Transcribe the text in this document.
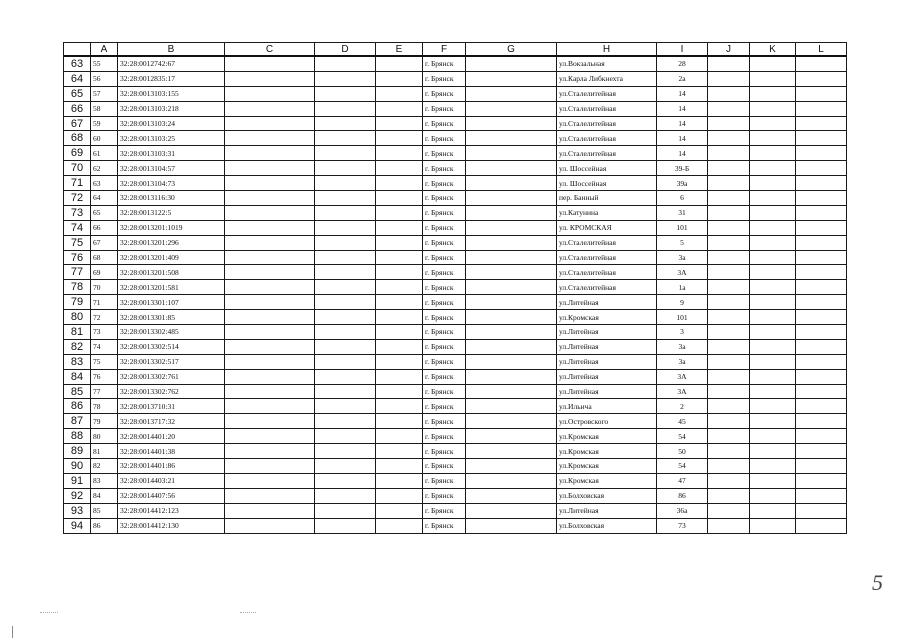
	A	B	C	D	E	F	G	H	I	J	K	L
63	55	32:28:0012742:67				г. Брянск		ул.Вокзальная	28			
64	56	32:28:0012835:17				г. Брянск		ул.Карла Либкнехта	2а			
65	57	32:28:0013103:155				г. Брянск		ул.Сталелитейная	14			
66	58	32:28:0013103:218				г. Брянск		ул.Сталелитейная	14			
67	59	32:28:0013103:24				г. Брянск		ул.Сталелитейная	14			
68	60	32:28:0013103:25				г. Брянск		ул.Сталелитейная	14			
69	61	32:28:0013103:31				г. Брянск		ул.Сталелитейная	14			
70	62	32:28:0013104:57				г. Брянск		ул. Шоссейная	39-Б			
71	63	32:28:0013104:73				г. Брянск		ул. Шоссейная	39а			
72	64	32:28:0013116:30				г. Брянск		пер. Банный	6			
73	65	32:28:0013122:5				г. Брянск		ул.Катунина	31			
74	66	32:28:0013201:1019				г. Брянск		ул. КРОМСКАЯ	101			
75	67	32:28:0013201:296				г. Брянск		ул.Сталелитейная	5			
76	68	32:28:0013201:409				г. Брянск		ул.Сталелитейная	3а			
77	69	32:28:0013201:508				г. Брянск		ул.Сталелитейная	3А			
78	70	32:28:0013201:581				г. Брянск		ул.Сталелитейная	1а			
79	71	32:28:0013301:107				г. Брянск		ул.Литейная	9			
80	72	32:28:0013301:85				г. Брянск		ул.Кромская	101			
81	73	32:28:0013302:485				г. Брянск		ул.Литейная	3			
82	74	32:28:0013302:514				г. Брянск		ул.Литейная	3а			
83	75	32:28:0013302:517				г. Брянск		ул.Литейная	3а			
84	76	32:28:0013302:761				г. Брянск		ул.Литейная	3А			
85	77	32:28:0013302:762				г. Брянск		ул.Литейная	3А			
86	78	32:28:0013710:31				г. Брянск		ул.Ильича	2			
87	79	32:28:0013717:32				г. Брянск		ул.Островского	45			
88	80	32:28:0014401:20				г. Брянск		ул.Кромская	54			
89	81	32:28:0014401:38				г. Брянск		ул.Кромская	50			
90	82	32:28:0014401:86				г. Брянск		ул.Кромская	54			
91	83	32:28:0014403:21				г. Брянск		ул.Кромская	47			
92	84	32:28:0014407:56				г. Брянск		ул.Болховская	86			
93	85	32:28:0014412:123				г. Брянск		ул.Литейная	36а			
94	86	32:28:0014412:130				г. Брянск		ул.Болховская	73			
5
